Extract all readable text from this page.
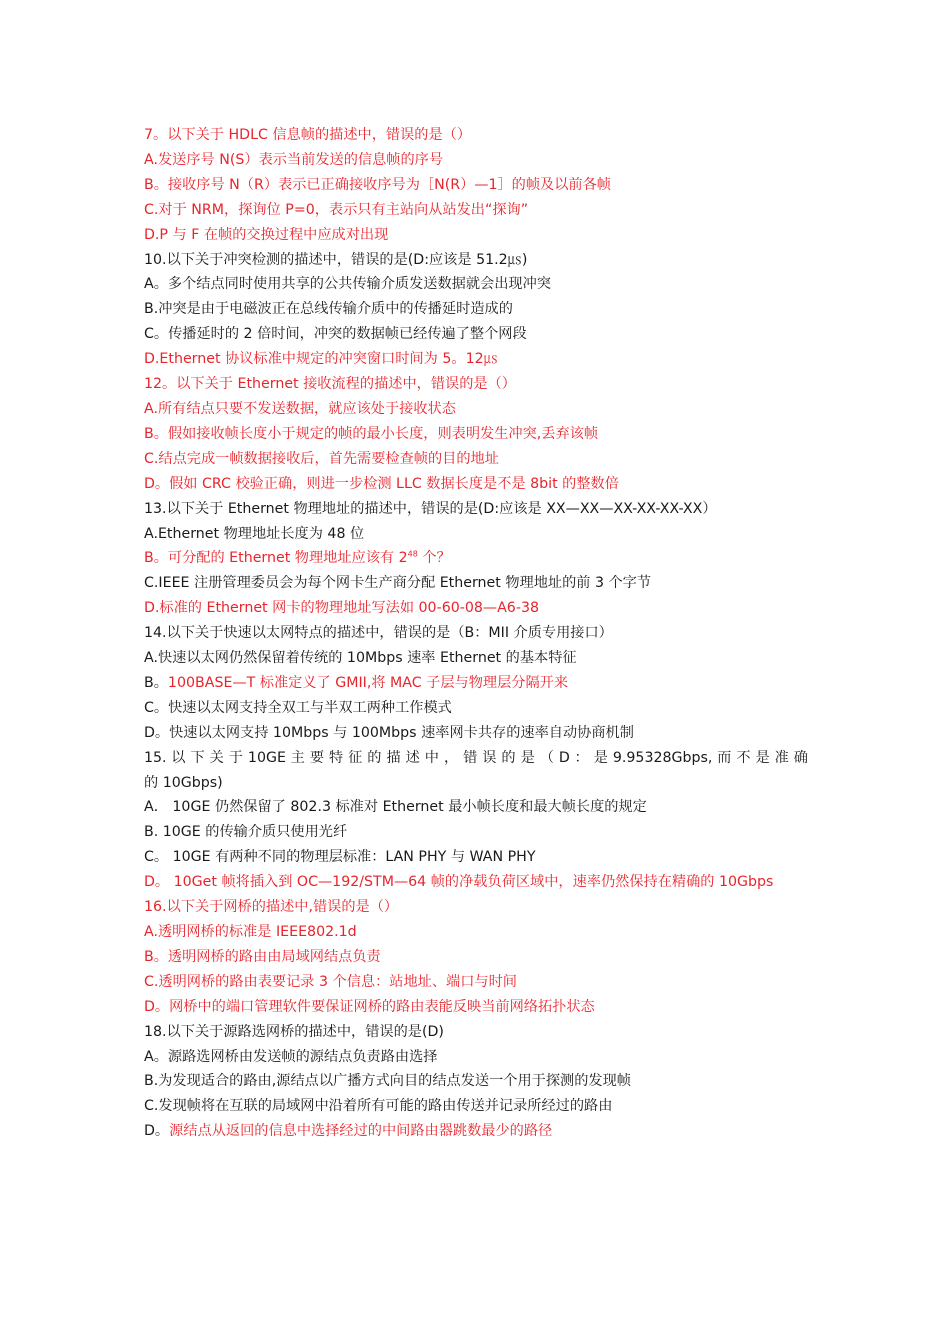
7。以下关于 HDLC 信息帧的描述中，错误的是（）
A.发送序号 N(S）表示当前发送的信息帧的序号
B。接收序号 N（R）表示已正确接收序号为［N(R）—1］的帧及以前各帧
C.对于 NRM，探询位 P=0，表示只有主站向从站发出“探询”
D.P 与 F 在帧的交换过程中应成对出现
10.以下关于冲突检测的描述中，错误的是(D:应该是 51.2㎲)
A。多个结点同时使用共享的公共传输介质发送数据就会出现冲突
B.冲突是由于电磁波正在总线传输介质中的传播延时造成的
C。传播延时的 2 倍时间，冲突的数据帧已经传遍了整个网段
D.Ethernet 协议标准中规定的冲突窗口时间为 5。12㎲
12。以下关于 Ethernet 接收流程的描述中，错误的是（）
A.所有结点只要不发送数据，就应该处于接收状态
B。假如接收帧长度小于规定的帧的最小长度，则表明发生冲突,丢弃该帧
C.结点完成一帧数据接收后，首先需要检查帧的目的地址
D。假如 CRC 校验正确，则进一步检测 LLC 数据长度是不是 8bit 的整数倍
13.以下关于 Ethernet 物理地址的描述中，错误的是(D:应该是 XX—XX—XX-XX-XX-XX）
A.Ethernet 物理地址长度为 48 位
B。可分配的 Ethernet 物理地址应该有 $2^{48}$ 个？
C.IEEE 注册管理委员会为每个网卡生产商分配 Ethernet 物理地址的前 3 个字节
D.标准的 Ethernet 网卡的物理地址写法如 00-60-08—A6-38
14.以下关于快速以太网特点的描述中，错误的是（B：MII 介质专用接口）
A.快速以太网仍然保留着传统的 10Mbps 速率 Ethernet 的基本特征
B。100BASE—T 标准定义了 GMII,将 MAC 子层与物理层分隔开来
C。快速以太网支持全双工与半双工两种工作模式
D。快速以太网支持 10Mbps 与 100Mbps 速率网卡共存的速率自动协商机制
15. 以 下 关 于 10GE 主 要 特 征 的 描 述 中 ， 错 误 的 是 （ D ： 是 9.95328Gbps, 而 不 是 准 确 的 10Gbps)
A． 10GE 仍然保留了 802.3 标准对 Ethernet 最小帧长度和最大帧长度的规定
B. 10GE 的传输介质只使用光纤
C。 10GE 有两种不同的物理层标准：LAN PHY 与 WAN PHY
D。 10Get 帧将插入到 OC—192/STM—64 帧的净载负荷区域中，速率仍然保持在精确的 10Gbps
16.以下关于网桥的描述中,错误的是（）
A.透明网桥的标准是 IEEE802.1d
B。透明网桥的路由由局域网结点负责
C.透明网桥的路由表要记录 3 个信息：站地址、端口与时间
D。网桥中的端口管理软件要保证网桥的路由表能反映当前网络拓扑状态
18.以下关于源路选网桥的描述中，错误的是(D)
A。源路选网桥由发送帧的源结点负责路由选择
B.为发现适合的路由,源结点以广播方式向目的结点发送一个用于探测的发现帧
C.发现帧将在互联的局域网中沿着所有可能的路由传送并记录所经过的路由
D。源结点从返回的信息中选择经过的中间路由器跳数最少的路径
